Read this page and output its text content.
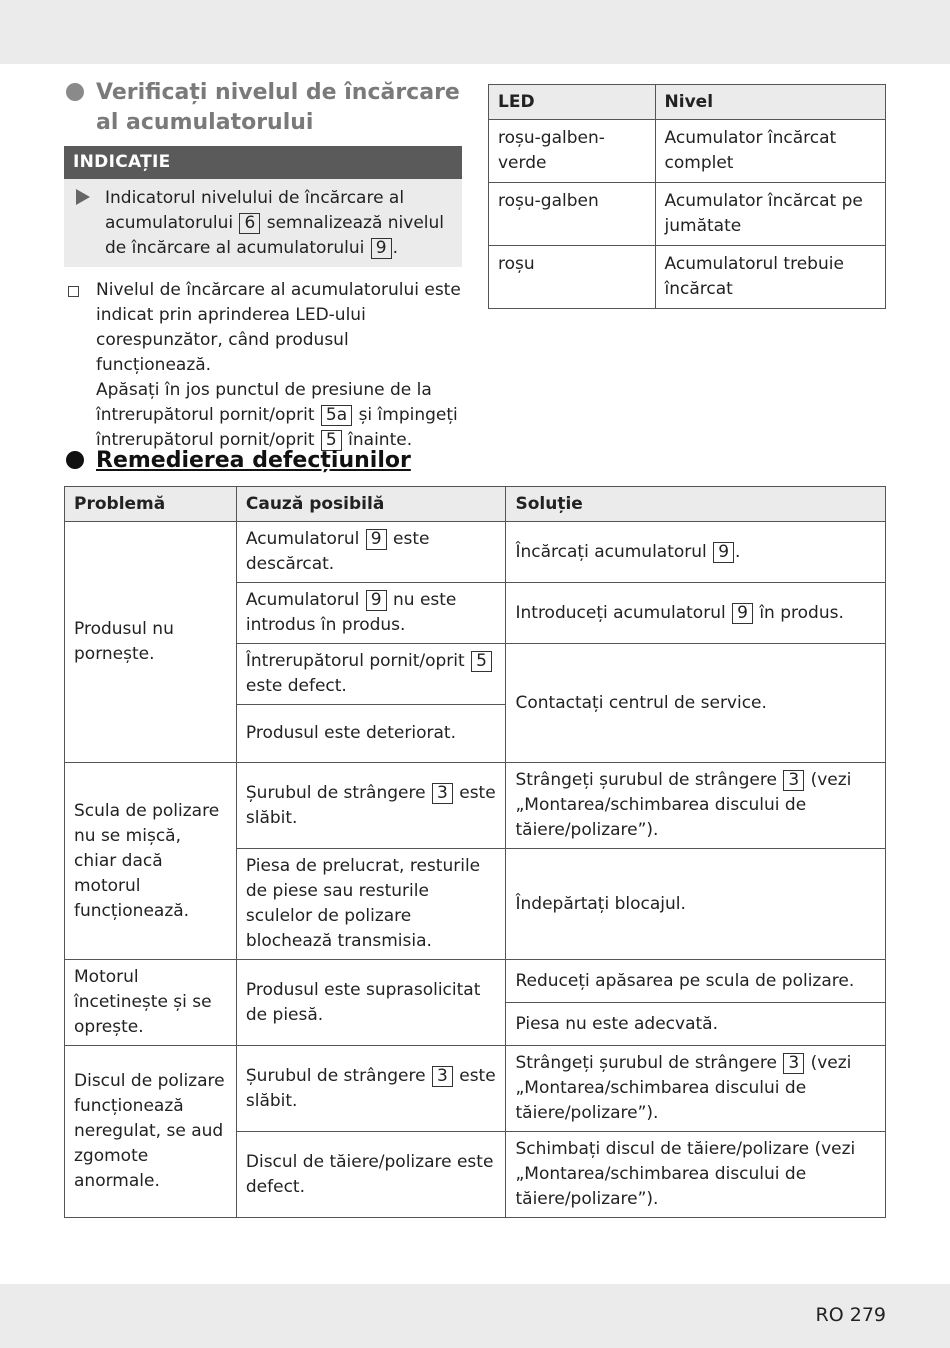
Verificați nivelul de încărcare al acumulatorului
INDICAȚIE
Indicatorul nivelului de încărcare al acumulatorului 6 semnalizează nivelul de încărcare al acumulatorului 9 .
Nivelul de încărcare al acumulatorului este indicat prin aprinderea LED-ului corespunzător, când produsul funcționează.
Apăsați în jos punctul de presiune de la întrerupătorul pornit/oprit 5a și împingeți întrerupătorul pornit/oprit 5 înainte.
LED	Nivel
roșu-galben-verde	Acumulator încărcat complet
roșu-galben	Acumulator încărcat pe jumătate
roșu	Acumulatorul trebuie încărcat
Remedierea defecțiunilor
Problemă	Cauză posibilă	Soluție
Produsul nu pornește.	Acumulatorul 9 este descărcat.	Încărcați acumulatorul 9 .
	Acumulatorul 9 nu este introdus în produs.	Introduceți acumulatorul 9 în produs.
	Întrerupătorul pornit/oprit 5 este defect.	Contactați centrul de service.
	Produsul este deteriorat.	
Scula de polizare nu se mișcă, chiar dacă motorul funcționează.	Șurubul de strângere 3 este slăbit.	Strângeți șurubul de strângere 3 (vezi „Montarea/schimbarea discului de tăiere/polizare”).
	Piesa de prelucrat, resturile de piese sau resturile sculelor de polizare blochează transmisia.	Îndepărtați blocajul.
Motorul încetinește și se oprește.	Produsul este suprasolicitat de piesă.	Reduceți apăsarea pe scula de polizare.
		Piesa nu este adecvată.
Discul de polizare funcționează neregulat, se aud zgomote anormale.	Șurubul de strângere 3 este slăbit.	Strângeți șurubul de strângere 3 (vezi „Montarea/schimbarea discului de tăiere/polizare”).
	Discul de tăiere/polizare este defect.	Schimbați discul de tăiere/polizare (vezi „Montarea/schimbarea discului de tăiere/polizare”).
RO 279
